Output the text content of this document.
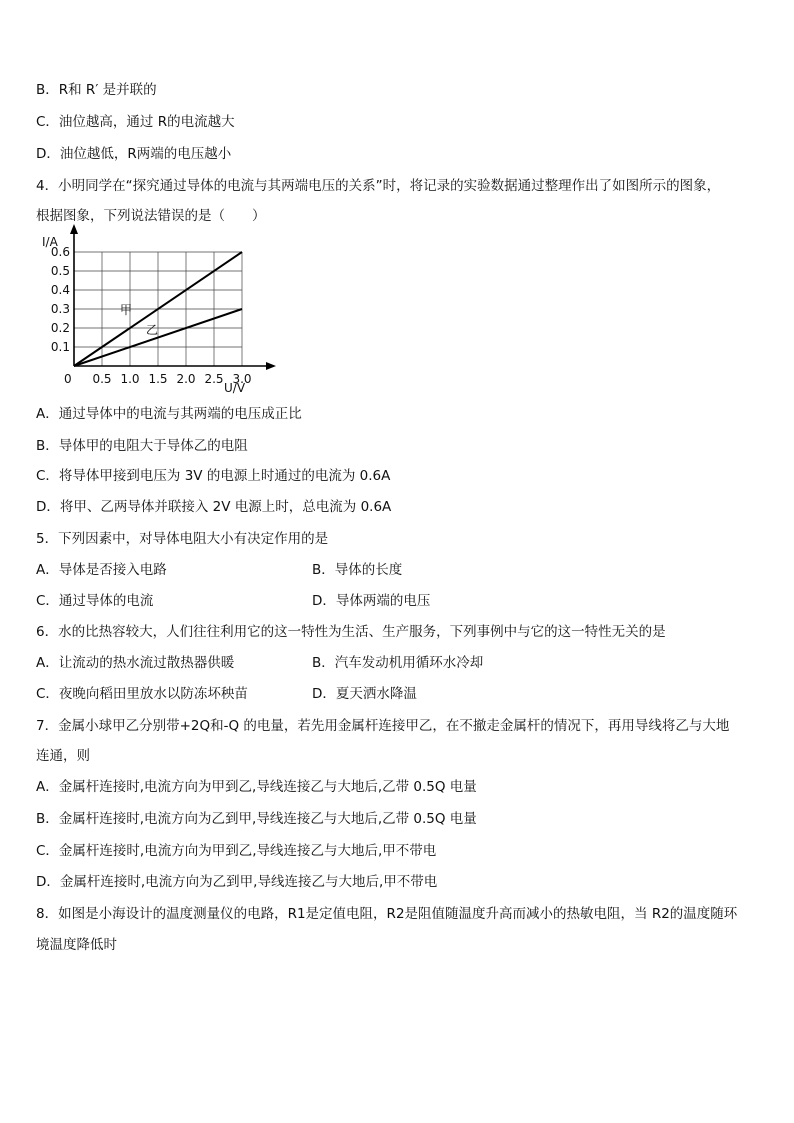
B．R和 R′ 是并联的
C．油位越高，通过 R的电流越大
D．油位越低，R两端的电压越小
4．小明同学在“探究通过导体的电流与其两端电压的关系”时，将记录的实验数据通过整理作出了如图所示的图象，
根据图象，下列说法错误的是（　　）
I/A
U/V
0 0.5 1.0 1.5 2.0 2.5 3.0
0.1
0.2
0.3
0.4
0.5
0.6
甲
乙
A．通过导体中的电流与其两端的电压成正比
B．导体甲的电阻大于导体乙的电阻
C．将导体甲接到电压为 3V 的电源上时通过的电流为 0.6A
D．将甲、乙两导体并联接入 2V 电源上时，总电流为 0.6A
5．下列因素中，对导体电阻大小有决定作用的是
A．导体是否接入电路	B．导体的长度
C．通过导体的电流	D．导体两端的电压
6．水的比热容较大，人们往往利用它的这一特性为生活、生产服务，下列事例中与它的这一特性无关的是
A．让流动的热水流过散热器供暖	B．汽车发动机用循环水冷却
C．夜晚向稻田里放水以防冻坏秧苗	D．夏天洒水降温
7．金属小球甲乙分别带+2Q和-Q 的电量，若先用金属杆连接甲乙，在不撤走金属杆的情况下，再用导线将乙与大地
连通，则
A．金属杆连接时,电流方向为甲到乙,导线连接乙与大地后,乙带 0.5Q 电量
B．金属杆连接时,电流方向为乙到甲,导线连接乙与大地后,乙带 0.5Q 电量
C．金属杆连接时,电流方向为甲到乙,导线连接乙与大地后,甲不带电
D．金属杆连接时,电流方向为乙到甲,导线连接乙与大地后,甲不带电
8．如图是小海设计的温度测量仪的电路，R1是定值电阻，R2是阻值随温度升高而减小的热敏电阻，当 R2的温度随环
境温度降低时
